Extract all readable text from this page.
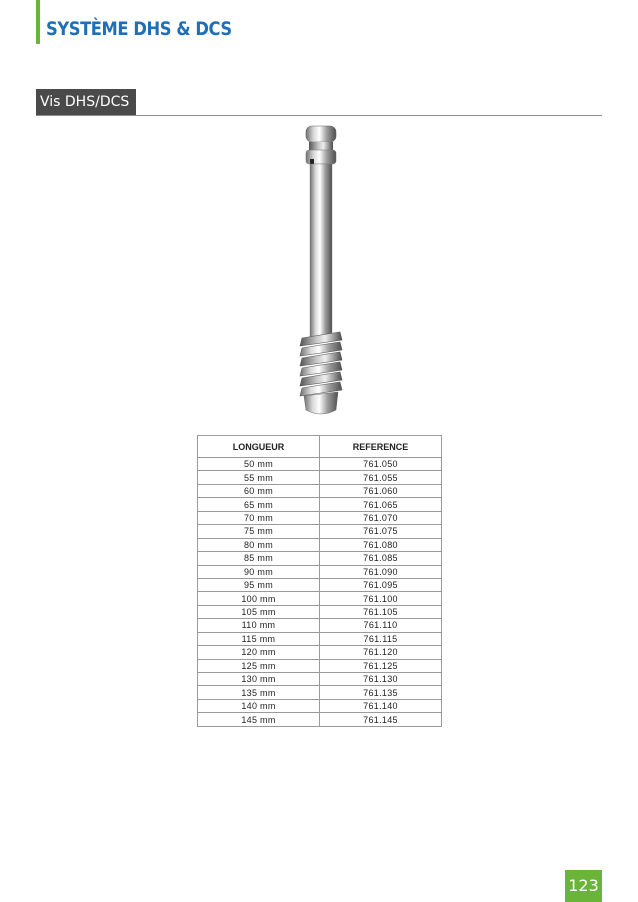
SYSTÈME DHS & DCS
Vis DHS/DCS
LONGUEUR	REFERENCE
50 mm	761.050
55 mm	761.055
60 mm	761.060
65 mm	761.065
70 mm	761.070
75 mm	761.075
80 mm	761.080
85 mm	761.085
90 mm	761.090
95 mm	761.095
100 mm	761.100
105 mm	761.105
110 mm	761.110
115 mm	761.115
120 mm	761.120
125 mm	761.125
130 mm	761.130
135 mm	761.135
140 mm	761.140
145 mm	761.145
123
